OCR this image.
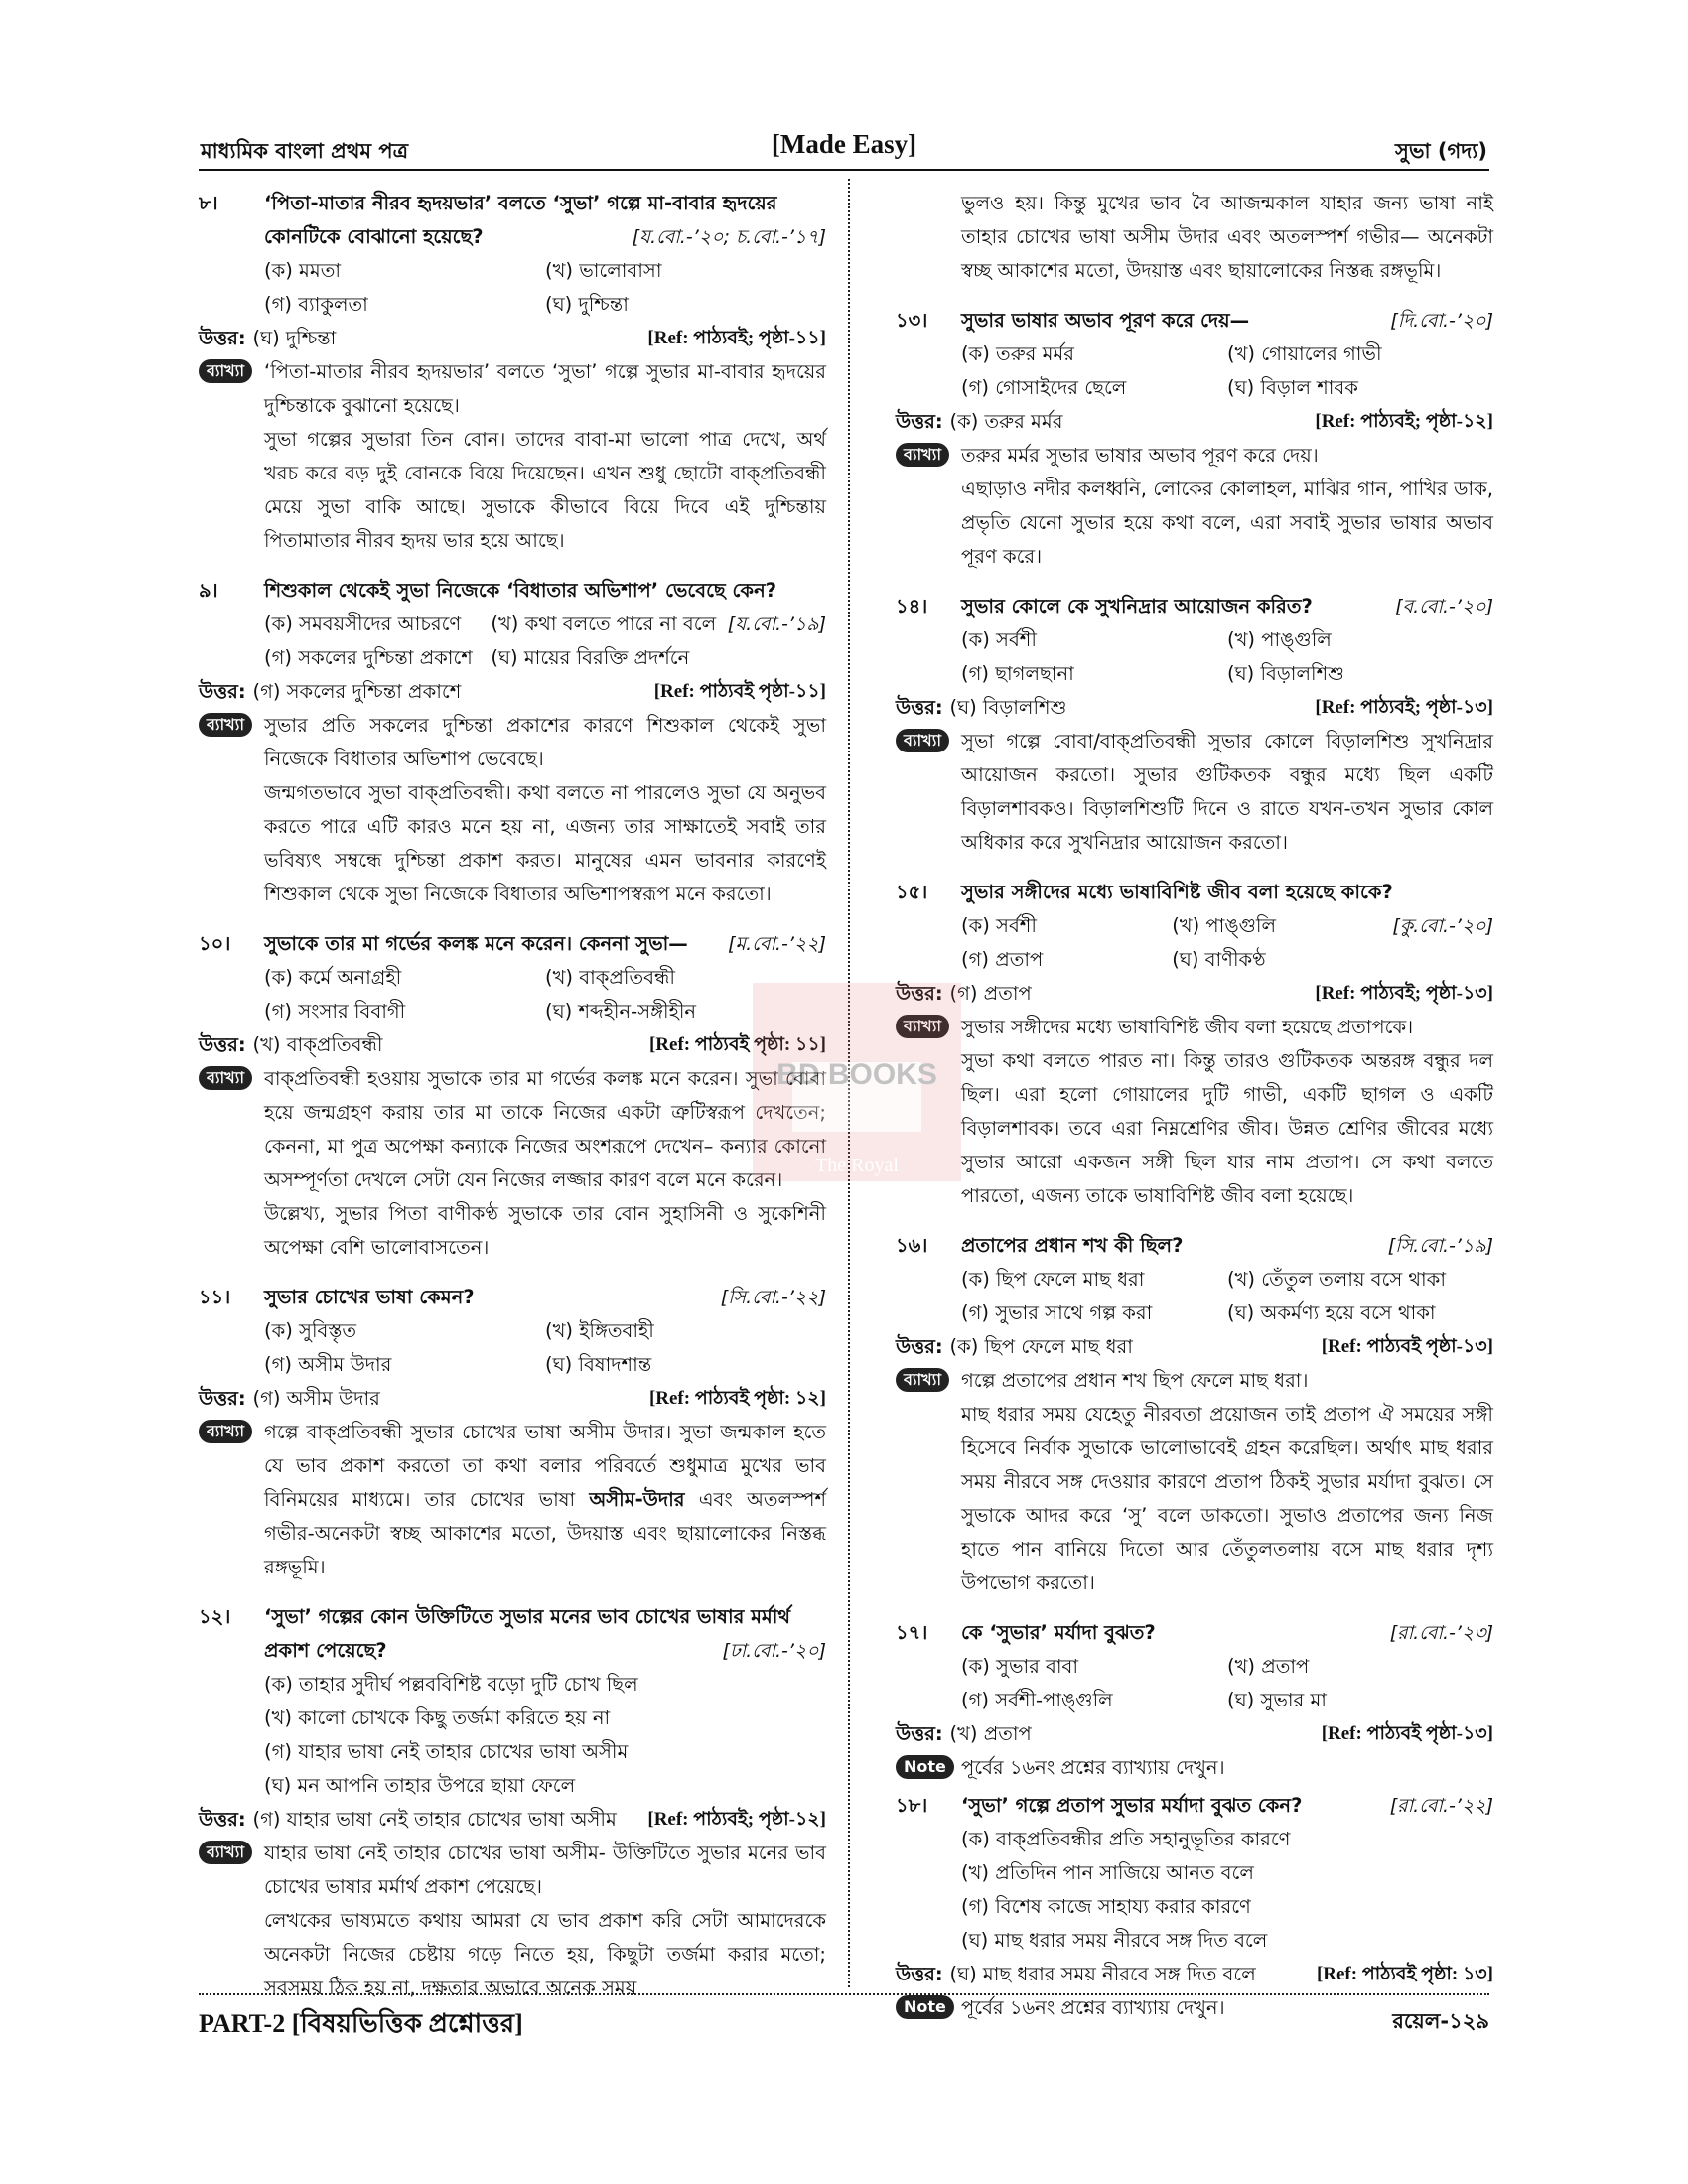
মাধ্যমিক বাংলা প্রথম পত্র	[Made Easy]	সুভা (গদ্য)
৮।	‘পিতা-মাতার নীরব হৃদয়ভার’ বলতে ‘সুভা’ গল্পে মা-বাবার হৃদয়ের কোনটিকে বোঝানো হয়েছে?	[য.বো.-’২০; চ.বো.-’১৭]
(ক) মমতা	(খ) ভালোবাসা
(গ) ব্যাকুলতা	(ঘ) দুশ্চিন্তা
উত্তর: (ঘ) দুশ্চিন্তা	[Ref: পাঠ্যবই; পৃষ্ঠা-১১]
ব্যাখ্যা	‘পিতা-মাতার নীরব হৃদয়ভার’ বলতে ‘সুভা’ গল্পে সুভার মা-বাবার হৃদয়ের দুশ্চিন্তাকে বুঝানো হয়েছে।

সুভা গল্পের সুভারা তিন বোন। তাদের বাবা-মা ভালো পাত্র দেখে, অর্থ খরচ করে বড় দুই বোনকে বিয়ে দিয়েছেন। এখন শুধু ছোটো বাক্প্রতিবন্ধী মেয়ে সুভা বাকি আছে। সুভাকে কীভাবে বিয়ে দিবে এই দুশ্চিন্তায় পিতামাতার নীরব হৃদয় ভার হয়ে আছে।

৯।	শিশুকাল থেকেই সুভা নিজেকে ‘বিধাতার অভিশাপ’ ভেবেছে কেন?
[য.বো.-’১৯]
(ক) সমবয়সীদের আচরণে	(খ) কথা বলতে পারে না বলে
(গ) সকলের দুশ্চিন্তা প্রকাশে (ঘ) মায়ের বিরক্তি প্রদর্শনে
উত্তর: (গ) সকলের দুশ্চিন্তা প্রকাশে	[Ref: পাঠ্যবই পৃষ্ঠা-১১]
ব্যাখ্যা	সুভার প্রতি সকলের দুশ্চিন্তা প্রকাশের কারণে শিশুকাল থেকেই সুভা নিজেকে বিধাতার অভিশাপ ভেবেছে।

জন্মগতভাবে সুভা বাক্প্রতিবন্ধী। কথা বলতে না পারলেও সুভা যে অনুভব করতে পারে এটি কারও মনে হয় না, এজন্য তার সাক্ষাতেই সবাই তার ভবিষ্যৎ সম্বন্ধে দুশ্চিন্তা প্রকাশ করত। মানুষের এমন ভাবনার কারণেই শিশুকাল থেকে সুভা নিজেকে বিধাতার অভিশাপস্বরূপ মনে করতো।

১০।	সুভাকে তার মা গর্ভের কলঙ্ক মনে করেন। কেননা সুভা—	[ম.বো.-’২২]
(ক) কর্মে অনাগ্রহী	(খ) বাক্প্রতিবন্ধী
(গ) সংসার বিবাগী	(ঘ) শব্দহীন-সঙ্গীহীন
উত্তর: (খ) বাক্প্রতিবন্ধী	[Ref: পাঠ্যবই পৃষ্ঠা: ১১]
ব্যাখ্যা	বাক্প্রতিবন্ধী হওয়ায় সুভাকে তার মা গর্ভের কলঙ্ক মনে করেন। সুভা বোবা হয়ে জন্মগ্রহণ করায় তার মা তাকে নিজের একটা ত্রুটিস্বরূপ দেখতেন; কেননা, মা পুত্র অপেক্ষা কন্যাকে নিজের অংশরূপে দেখেন– কন্যার কোনো অসম্পূর্ণতা দেখলে সেটা যেন নিজের লজ্জার কারণ বলে মনে করেন।

উল্লেখ্য, সুভার পিতা বাণীকণ্ঠ সুভাকে তার বোন সুহাসিনী ও সুকেশিনী অপেক্ষা বেশি ভালোবাসতেন।

১১।	সুভার চোখের ভাষা কেমন?	[সি.বো.-’২২]
(ক) সুবিস্তৃত	(খ) ইঙ্গিতবাহী
(গ) অসীম উদার	(ঘ) বিষাদশান্ত
উত্তর: (গ) অসীম উদার	[Ref: পাঠ্যবই পৃষ্ঠা: ১২]
ব্যাখ্যা	গল্পে বাক্প্রতিবন্ধী সুভার চোখের ভাষা অসীম উদার। সুভা জন্মকাল হতে যে ভাব প্রকাশ করতো তা কথা বলার পরিবর্তে শুধুমাত্র মুখের ভাব বিনিময়ের মাধ্যমে। তার চোখের ভাষা অসীম-উদার এবং অতলস্পর্শ গভীর-অনেকটা স্বচ্ছ আকাশের মতো, উদয়াস্ত এবং ছায়ালোকের নিস্তব্ধ রঙ্গভূমি।

১২।	‘সুভা’ গল্পের কোন উক্তিটিতে সুভার মনের ভাব চোখের ভাষার মর্মার্থ প্রকাশ পেয়েছে?	[ঢা.বো.-’২০]
(ক) তাহার সুদীর্ঘ পল্লববিশিষ্ট বড়ো দুটি চোখ ছিল
(খ) কালো চোখকে কিছু তর্জমা করিতে হয় না
(গ) যাহার ভাষা নেই তাহার চোখের ভাষা অসীম
(ঘ) মন আপনি তাহার উপরে ছায়া ফেলে
উত্তর: (গ) যাহার ভাষা নেই তাহার চোখের ভাষা অসীম [Ref: পাঠ্যবই; পৃষ্ঠা-১২]
ব্যাখ্যা	যাহার ভাষা নেই তাহার চোখের ভাষা অসীম- উক্তিটিতে সুভার মনের ভাব চোখের ভাষার মর্মার্থ প্রকাশ পেয়েছে।

লেখকের ভাষ্যমতে কথায় আমরা যে ভাব প্রকাশ করি সেটা আমাদেরকে অনেকটা নিজের চেষ্টায় গড়ে নিতে হয়, কিছুটা তর্জমা করার মতো; সবসময় ঠিক হয় না, দক্ষতার অভাবে অনেক সময়

ভুলও হয়। কিন্তু মুখের ভাব বৈ আজন্মকাল যাহার জন্য ভাষা নাই তাহার চোখের ভাষা অসীম উদার এবং অতলস্পর্শ গভীর— অনেকটা স্বচ্ছ আকাশের মতো, উদয়াস্ত এবং ছায়ালোকের নিস্তব্ধ রঙ্গভূমি।

১৩।	সুভার ভাষার অভাব পূরণ করে দেয়—	[দি.বো.-’২০]
(ক) তরুর মর্মর	(খ) গোয়ালের গাভী
(গ) গোসাইদের ছেলে	(ঘ) বিড়াল শাবক
উত্তর: (ক) তরুর মর্মর	[Ref: পাঠ্যবই; পৃষ্ঠা-১২]
ব্যাখ্যা	তরুর মর্মর সুভার ভাষার অভাব পূরণ করে দেয়।

এছাড়াও নদীর কলধ্বনি, লোকের কোলাহল, মাঝির গান, পাখির ডাক, প্রভৃতি যেনো সুভার হয়ে কথা বলে, এরা সবাই সুভার ভাষার অভাব পূরণ করে।

১৪।	সুভার কোলে কে সুখনিদ্রার আয়োজন করিত?	[ব.বো.-’২০]
(ক) সর্বশী	(খ) পাঙ্গুলি
(গ) ছাগলছানা	(ঘ) বিড়ালশিশু
উত্তর: (ঘ) বিড়ালশিশু	[Ref: পাঠ্যবই; পৃষ্ঠা-১৩]
ব্যাখ্যা	সুভা গল্পে বোবা/বাক্প্রতিবন্ধী সুভার কোলে বিড়ালশিশু সুখনিদ্রার আয়োজন করতো। সুভার গুটিকতক বন্ধুর মধ্যে ছিল একটি বিড়ালশাবকও। বিড়ালশিশুটি দিনে ও রাতে যখন-তখন সুভার কোল অধিকার করে সুখনিদ্রার আয়োজন করতো।

১৫।	সুভার সঙ্গীদের মধ্যে ভাষাবিশিষ্ট জীব বলা হয়েছে কাকে?
[কু.বো.-’২০]
(ক) সর্বশী	(খ) পাঙ্গুলি
(গ) প্রতাপ	(ঘ) বাণীকণ্ঠ
উত্তর: (গ) প্রতাপ	[Ref: পাঠ্যবই; পৃষ্ঠা-১৩]
ব্যাখ্যা	সুভার সঙ্গীদের মধ্যে ভাষাবিশিষ্ট জীব বলা হয়েছে প্রতাপকে।

সুভা কথা বলতে পারত না। কিন্তু তারও গুটিকতক অন্তরঙ্গ বন্ধুর দল ছিল। এরা হলো গোয়ালের দুটি গাভী, একটি ছাগল ও একটি বিড়ালশাবক। তবে এরা নিম্নশ্রেণির জীব। উন্নত শ্রেণির জীবের মধ্যে সুভার আরো একজন সঙ্গী ছিল যার নাম প্রতাপ। সে কথা বলতে পারতো, এজন্য তাকে ভাষাবিশিষ্ট জীব বলা হয়েছে।

১৬।	প্রতাপের প্রধান শখ কী ছিল?	[সি.বো.-’১৯]
(ক) ছিপ ফেলে মাছ ধরা	(খ) তেঁতুল তলায় বসে থাকা
(গ) সুভার সাথে গল্প করা	(ঘ) অকর্মণ্য হয়ে বসে থাকা
উত্তর: (ক) ছিপ ফেলে মাছ ধরা	[Ref: পাঠ্যবই পৃষ্ঠা-১৩]
ব্যাখ্যা	গল্পে প্রতাপের প্রধান শখ ছিপ ফেলে মাছ ধরা।

মাছ ধরার সময় যেহেতু নীরবতা প্রয়োজন তাই প্রতাপ ঐ সময়ের সঙ্গী হিসেবে নির্বাক সুভাকে ভালোভাবেই গ্রহন করেছিল। অর্থাৎ মাছ ধরার সময় নীরবে সঙ্গ দেওয়ার কারণে প্রতাপ ঠিকই সুভার মর্যাদা বুঝত। সে সুভাকে আদর করে ‘সু’ বলে ডাকতো। সুভাও প্রতাপের জন্য নিজ হাতে পান বানিয়ে দিতো আর তেঁতুলতলায় বসে মাছ ধরার দৃশ্য উপভোগ করতো।

১৭।	কে ‘সুভার’ মর্যাদা বুঝত?	[রা.বো.-’২৩]
(ক) সুভার বাবা	(খ) প্রতাপ
(গ) সর্বশী-পাঙ্গুলি	(ঘ) সুভার মা
উত্তর: (খ) প্রতাপ	[Ref: পাঠ্যবই পৃষ্ঠা-১৩]
Note পূর্বের ১৬নং প্রশ্নের ব্যাখ্যায় দেখুন।

১৮।	‘সুভা’ গল্পে প্রতাপ সুভার মর্যাদা বুঝত কেন?	[রা.বো.-’২২]
(ক) বাক্প্রতিবন্ধীর প্রতি সহানুভূতির কারণে
(খ) প্রতিদিন পান সাজিয়ে আনত বলে
(গ) বিশেষ কাজে সাহায্য করার কারণে
(ঘ) মাছ ধরার সময় নীরবে সঙ্গ দিত বলে
উত্তর: (ঘ) মাছ ধরার সময় নীরবে সঙ্গ দিত বলে	[Ref: পাঠ্যবই পৃষ্ঠা: ১৩]
Note পূর্বের ১৬নং প্রশ্নের ব্যাখ্যায় দেখুন।

BD BOOKS
The Royal
PART-2 [বিষয়ভিত্তিক প্রশ্নোত্তর]	রয়েল-১২৯
